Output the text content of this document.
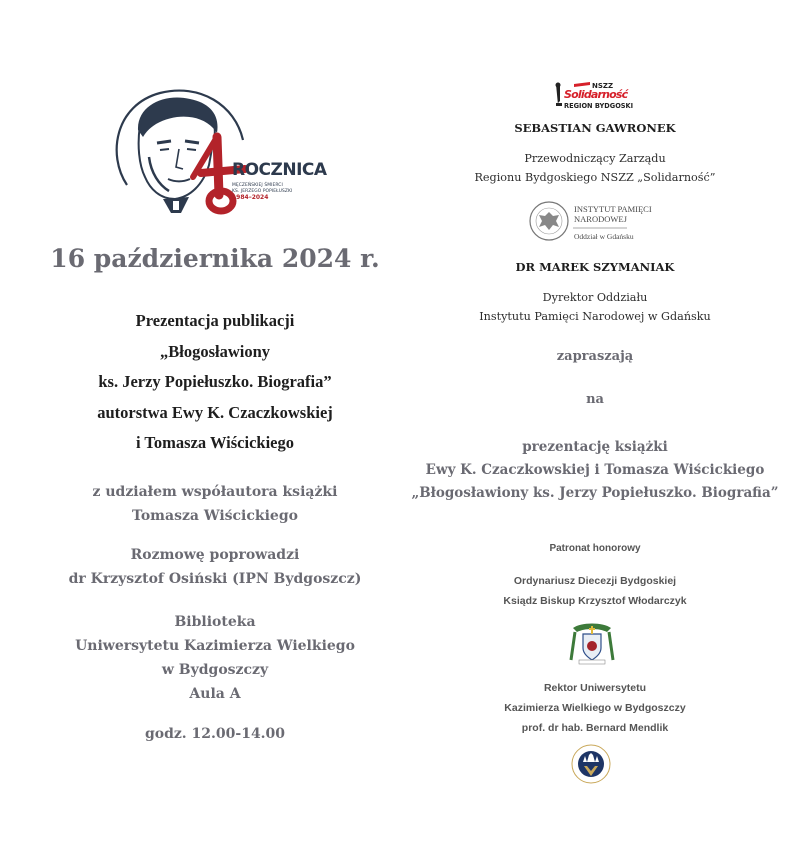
ROCZNICA
MĘCZEŃSKIEJ ŚMIERCI
KS. JERZEGO POPIEŁUSZKI
1984–2024
16 października 2024 r.
Prezentacja publikacji
„Błogosławiony
ks. Jerzy Popiełuszko. Biografia”
autorstwa Ewy K. Czaczkowskiej
i Tomasza Wiścickiego
z udziałem współautora książki
Tomasza Wiścickiego
Rozmowę poprowadzi
dr Krzysztof Osiński (IPN Bydgoszcz)
Biblioteka
Uniwersytetu Kazimierza Wielkiego
w Bydgoszczy
Aula A
godz. 12.00-14.00
NSZZ
Solidarność
REGION BYDGOSKI
SEBASTIAN GAWRONEK
Przewodniczący Zarządu
Regionu Bydgoskiego NSZZ „Solidarność”
INSTYTUT PAMIĘCI
NARODOWEJ
Oddział w Gdańsku
DR MAREK SZYMANIAK
Dyrektor Oddziału
Instytutu Pamięci Narodowej w Gdańsku
zapraszają
na
prezentację książki
Ewy K. Czaczkowskiej i Tomasza Wiścickiego
„Błogosławiony ks. Jerzy Popiełuszko. Biografia”
Patronat honorowy
Ordynariusz Diecezji Bydgoskiej
Ksiądz Biskup Krzysztof Włodarczyk
Rektor Uniwersytetu
Kazimierza Wielkiego w Bydgoszczy
prof. dr hab. Bernard Mendlik
